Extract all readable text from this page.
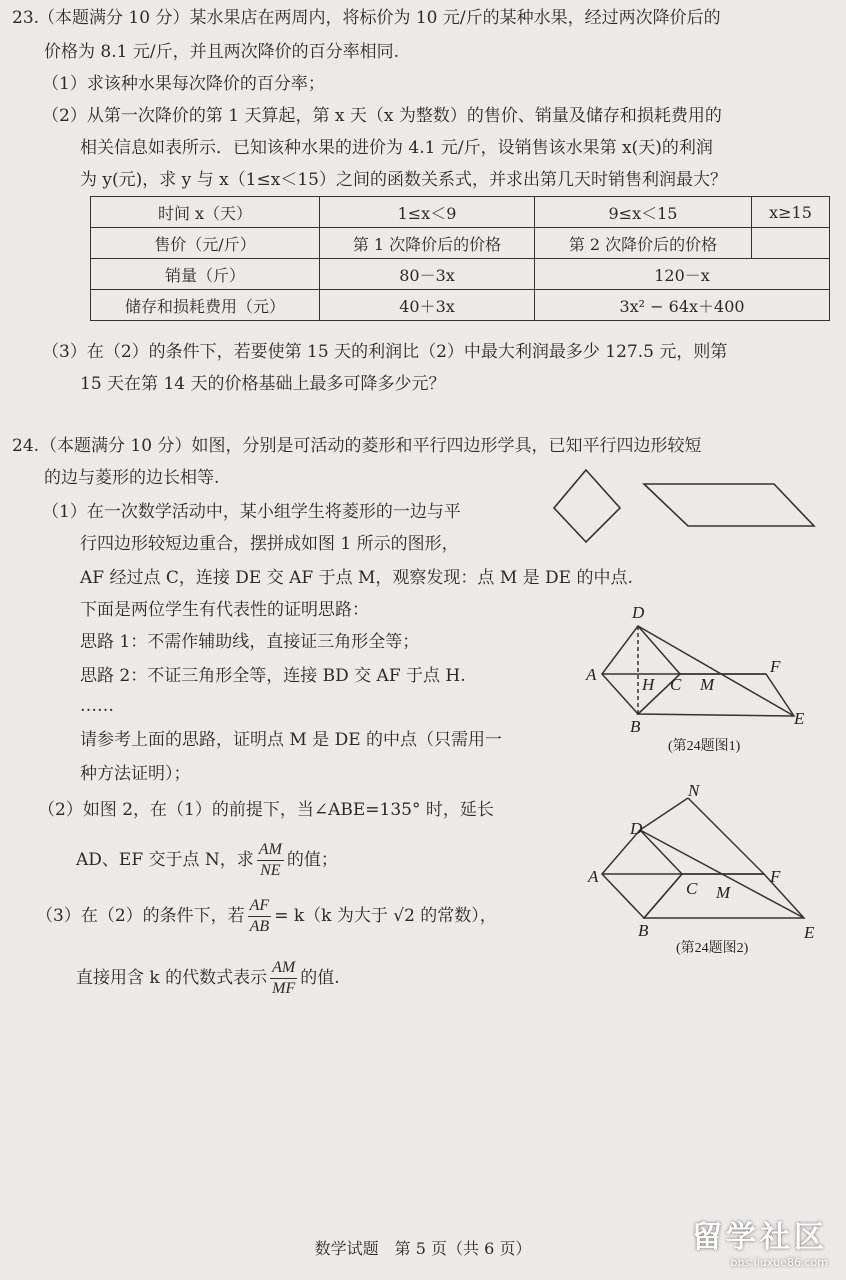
23.
（本题满分 10 分）某水果店在两周内，将标价为 10 元/斤的某种水果，经过两次降价后的
价格为 8.1 元/斤，并且两次降价的百分率相同.
（1）求该种水果每次降价的百分率；
（2）从第一次降价的第 1 天算起，第 x 天（x 为整数）的售价、销量及储存和损耗费用的
相关信息如表所示．已知该种水果的进价为 4.1 元/斤，设销售该水果第 x(天)的利润
为 y(元)，求 y 与 x（1≤x＜15）之间的函数关系式，并求出第几天时销售利润最大？
时间 x（天）	1≤x＜9	9≤x＜15	x≥15
售价（元/斤）	第 1 次降价后的价格	第 2 次降价后的价格	
销量（斤）	80－3x	120－x	
储存和损耗费用（元）	40＋3x	3x² − 64x＋400	
（3）在（2）的条件下，若要使第 15 天的利润比（2）中最大利润最多少 127.5 元，则第
15 天在第 14 天的价格基础上最多可降多少元？
24. （本题满分 10 分）如图，分别是可活动的菱形和平行四边形学具，已知平行四边形较短
的边与菱形的边长相等.
（1）在一次数学活动中，某小组学生将菱形的一边与平
行四边形较短边重合，摆拼成如图 1 所示的图形，
AF 经过点 C，连接 DE 交 AF 于点 M，观察发现：点 M 是 DE 的中点.
下面是两位学生有代表性的证明思路：
思路 1：不需作辅助线，直接证三角形全等；
思路 2：不证三角形全等，连接 BD 交 AF 于点 H.
……
请参考上面的思路，证明点 M 是 DE 的中点（只需用一
种方法证明）；
（2）如图 2，在（1）的前提下，当∠ABE=135° 时，延长
AD、EF 交于点 N，求 $\frac{AM}{NE}$ 的值；
（3）在（2）的条件下，若 $\frac{AF}{AB} = k(k$ 为大于 √2 的常数），
直接用含 k 的代数式表示 $\frac{AM}{MF}$ 的值.
D
A
H C M
F
B	E
(第24题图1)
N
D
A
C M
F
B	E
(第24题图2)
数学试题　第 5 页（共 6 页）	留学社区
bbs.liuxue86.com
